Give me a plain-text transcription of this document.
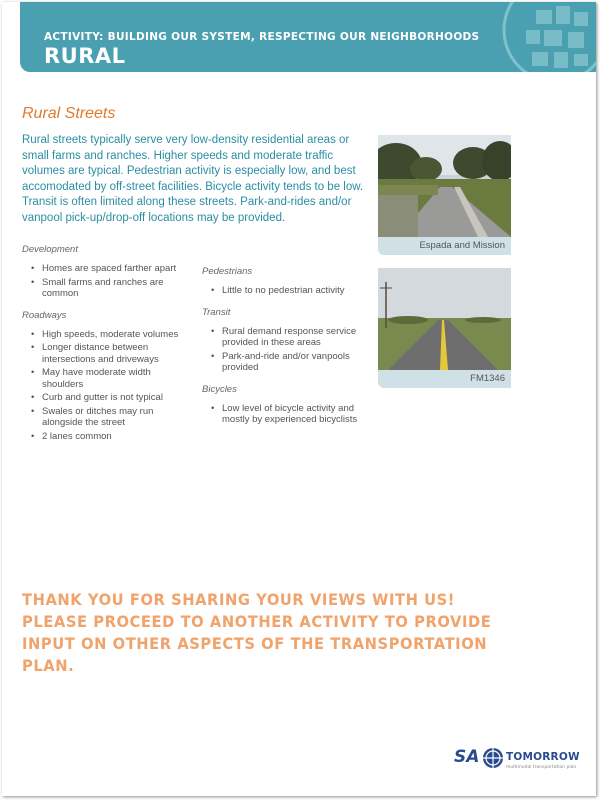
ACTIVITY: BUILDING OUR SYSTEM, RESPECTING OUR NEIGHBORHOODS
RURAL
Rural Streets
Rural streets typically serve very low-density residential areas or small farms and ranches. Higher speeds and moderate traffic volumes are typical. Pedestrian activity is especially low, and best accomodated by off-street facilities. Bicycle activity tends to be low. Transit is often limited along these streets. Park-and-rides and/or vanpool pick-up/drop-off locations may be provided.
Development
• Homes are spaced farther apart
• Small farms and ranches are common
Roadways
• High speeds, moderate volumes
• Longer distance between intersections and driveways
• May have moderate width shoulders
• Curb and gutter is not typical
• Swales or ditches may run alongside the street
• 2 lanes common
Pedestrians
• Little to no pedestrian activity
Transit
• Rural demand response service provided in these areas
• Park-and-ride and/or vanpools provided
Bicycles
• Low level of bicycle activity and mostly by experienced bicyclists
Espada and Mission
FM1346
THANK YOU FOR SHARING YOUR VIEWS WITH US!
PLEASE PROCEED TO ANOTHER ACTIVITY TO PROVIDE
INPUT ON OTHER ASPECTS OF THE TRANSPORTATION PLAN.
SA	TOMORROW
multimodal transportation plan
